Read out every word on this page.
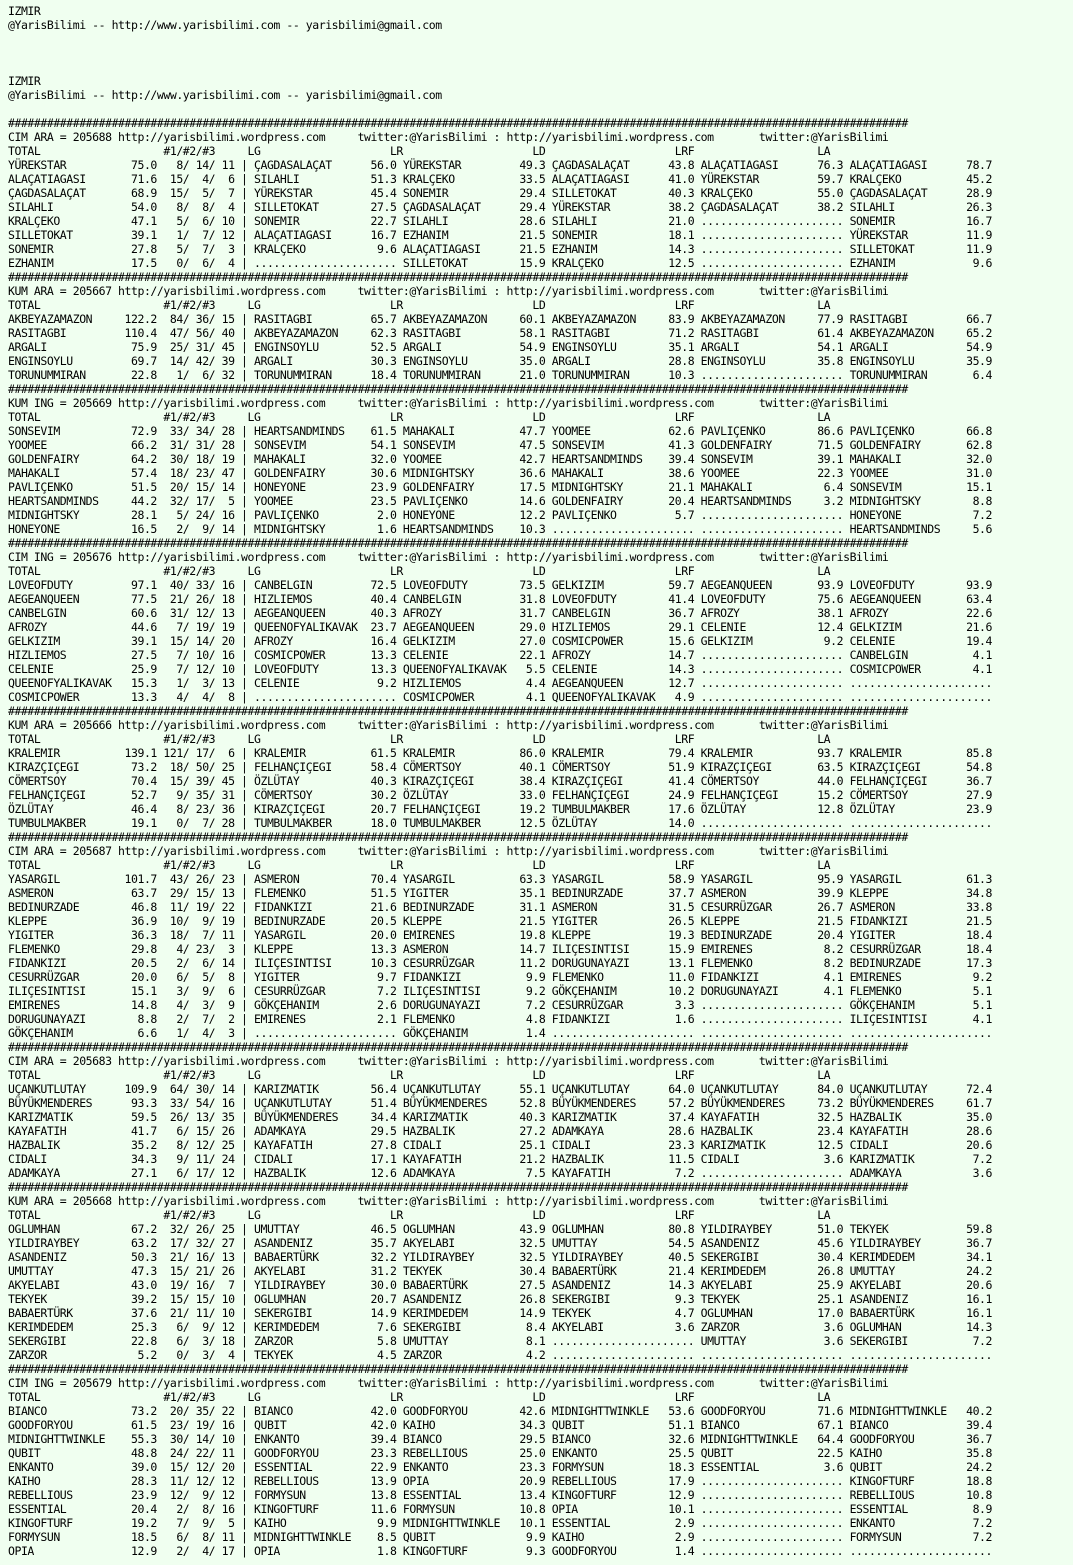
IZMIR
@YarisBilimi -- http://www.yarisbilimi.com -- yarisbilimi@gmail.com
IZMIR
@YarisBilimi -- http://www.yarisbilimi.com -- yarisbilimi@gmail.com
###########################################################################################################################################
CIM ARA = 205688 http://yarisbilimi.wordpress.com     twitter:@YarisBilimi : http://yarisbilimi.wordpress.com       twitter:@YarisBilimi
TOTAL                   #1/#2/#3     LG                    LR                    LD                    LRF                   LA
YÜREKSTAR          75.0   8/ 14/ 11 | ÇAGDASALAÇAT      56.0 YÜREKSTAR         49.3 ÇAGDASALAÇAT      43.8 ALAÇATIAGASI      76.3 ALAÇATIAGASI      78.7
ALAÇATIAGASI       71.6  15/  4/  6 | SILAHLI           51.3 KRALÇEKO          33.5 ALAÇATIAGASI      41.0 YÜREKSTAR         59.7 KRALÇEKO          45.2
ÇAGDASALAÇAT       68.9  15/  5/  7 | YÜREKSTAR         45.4 SONEMIR           29.4 SILLETOKAT        40.3 KRALÇEKO          55.0 ÇAGDASALAÇAT      28.9
SILAHLI            54.0   8/  8/  4 | SILLETOKAT        27.5 ÇAGDASALAÇAT      29.4 YÜREKSTAR         38.2 ÇAGDASALAÇAT      38.2 SILAHLI           26.3
KRALÇEKO           47.1   5/  6/ 10 | SONEMIR           22.7 SILAHLI           28.6 SILAHLI           21.0 ...................... SONEMIR           16.7
SILLETOKAT         39.1   1/  7/ 12 | ALAÇATIAGASI      16.7 EZHANIM           21.5 SONEMIR           18.1 ...................... YÜREKSTAR         11.9
SONEMIR            27.8   5/  7/  3 | KRALÇEKO           9.6 ALAÇATIAGASI      21.5 EZHANIM           14.3 ...................... SILLETOKAT        11.9
EZHANIM            17.5   0/  6/  4 | ...................... SILLETOKAT        15.9 KRALÇEKO          12.5 ...................... EZHANIM            9.6
###########################################################################################################################################
KUM ARA = 205667 http://yarisbilimi.wordpress.com     twitter:@YarisBilimi : http://yarisbilimi.wordpress.com       twitter:@YarisBilimi
TOTAL                   #1/#2/#3     LG                    LR                    LD                    LRF                   LA
AKBEYAZAMAZON     122.2  84/ 36/ 15 | RASITAGBI         65.7 AKBEYAZAMAZON     60.1 AKBEYAZAMAZON     83.9 AKBEYAZAMAZON     77.9 RASITAGBI         66.7
RASITAGBI         110.4  47/ 56/ 40 | AKBEYAZAMAZON     62.3 RASITAGBI         58.1 RASITAGBI         71.2 RASITAGBI         61.4 AKBEYAZAMAZON     65.2
ARGALI             75.9  25/ 31/ 45 | ENGINSOYLU        52.5 ARGALI            54.9 ENGINSOYLU        35.1 ARGALI            54.1 ARGALI            54.9
ENGINSOYLU         69.7  14/ 42/ 39 | ARGALI            30.3 ENGINSOYLU        35.0 ARGALI            28.8 ENGINSOYLU        35.8 ENGINSOYLU        35.9
TORUNUMMIRAN       22.8   1/  6/ 32 | TORUNUMMIRAN      18.4 TORUNUMMIRAN      21.0 TORUNUMMIRAN      10.3 ...................... TORUNUMMIRAN       6.4
###########################################################################################################################################
KUM ING = 205669 http://yarisbilimi.wordpress.com     twitter:@YarisBilimi : http://yarisbilimi.wordpress.com       twitter:@YarisBilimi
TOTAL                   #1/#2/#3     LG                    LR                    LD                    LRF                   LA
SONSEVIM           72.9  33/ 34/ 28 | HEARTSANDMINDS    61.5 MAHAKALI          47.7 YOOMEE            62.6 PAVLIÇENKO        86.6 PAVLIÇENKO        66.8
YOOMEE             66.2  31/ 31/ 28 | SONSEVIM          54.1 SONSEVIM          47.5 SONSEVIM          41.3 GOLDENFAIRY       71.5 GOLDENFAIRY       62.8
GOLDENFAIRY        64.2  30/ 18/ 19 | MAHAKALI          32.0 YOOMEE            42.7 HEARTSANDMINDS    39.4 SONSEVIM          39.1 MAHAKALI          32.0
MAHAKALI           57.4  18/ 23/ 47 | GOLDENFAIRY       30.6 MIDNIGHTSKY       36.6 MAHAKALI          38.6 YOOMEE            22.3 YOOMEE            31.0
PAVLIÇENKO         51.5  20/ 15/ 14 | HONEYONE          23.9 GOLDENFAIRY       17.5 MIDNIGHTSKY       21.1 MAHAKALI           6.4 SONSEVIM          15.1
HEARTSANDMINDS     44.2  32/ 17/  5 | YOOMEE            23.5 PAVLIÇENKO        14.6 GOLDENFAIRY       20.4 HEARTSANDMINDS     3.2 MIDNIGHTSKY        8.8
MIDNIGHTSKY        28.1   5/ 24/ 16 | PAVLIÇENKO         2.0 HONEYONE          12.2 PAVLIÇENKO         5.7 ...................... HONEYONE           7.2
HONEYONE           16.5   2/  9/ 14 | MIDNIGHTSKY        1.6 HEARTSANDMINDS    10.3 ...................... ...................... HEARTSANDMINDS     5.6
###########################################################################################################################################
CIM ING = 205676 http://yarisbilimi.wordpress.com     twitter:@YarisBilimi : http://yarisbilimi.wordpress.com       twitter:@YarisBilimi
TOTAL                   #1/#2/#3     LG                    LR                    LD                    LRF                   LA
LOVEOFDUTY         97.1  40/ 33/ 16 | CANBELGIN         72.5 LOVEOFDUTY        73.5 GELKIZIM          59.7 AEGEANQUEEN       93.9 LOVEOFDUTY        93.9
AEGEANQUEEN        77.5  21/ 26/ 18 | HIZLIEMOS         40.4 CANBELGIN         31.8 LOVEOFDUTY        41.4 LOVEOFDUTY        75.6 AEGEANQUEEN       63.4
CANBELGIN          60.6  31/ 12/ 13 | AEGEANQUEEN       40.3 AFROZY            31.7 CANBELGIN         36.7 AFROZY            38.1 AFROZY            22.6
AFROZY             44.6   7/ 19/ 19 | QUEENOFYALIKAVAK  23.7 AEGEANQUEEN       29.0 HIZLIEMOS         29.1 CELENIE           12.4 GELKIZIM          21.6
GELKIZIM           39.1  15/ 14/ 20 | AFROZY            16.4 GELKIZIM          27.0 COSMICPOWER       15.6 GELKIZIM           9.2 CELENIE           19.4
HIZLIEMOS          27.5   7/ 10/ 16 | COSMICPOWER       13.3 CELENIE           22.1 AFROZY            14.7 ...................... CANBELGIN          4.1
CELENIE            25.9   7/ 12/ 10 | LOVEOFDUTY        13.3 QUEENOFYALIKAVAK   5.5 CELENIE           14.3 ...................... COSMICPOWER        4.1
QUEENOFYALIKAVAK   15.3   1/  3/ 13 | CELENIE            9.2 HIZLIEMOS          4.4 AEGEANQUEEN       12.7 ...................... ......................
COSMICPOWER        13.3   4/  4/  8 | ...................... COSMICPOWER        4.1 QUEENOFYALIKAVAK   4.9 ...................... ......................
###########################################################################################################################################
KUM ARA = 205666 http://yarisbilimi.wordpress.com     twitter:@YarisBilimi : http://yarisbilimi.wordpress.com       twitter:@YarisBilimi
TOTAL                   #1/#2/#3     LG                    LR                    LD                    LRF                   LA
KRALEMIR          139.1 121/ 17/  6 | KRALEMIR          61.5 KRALEMIR          86.0 KRALEMIR          79.4 KRALEMIR          93.7 KRALEMIR          85.8
KIRAZÇIÇEGI        73.2  18/ 50/ 25 | FELHANÇIÇEGI      58.4 CÖMERTSOY         40.1 CÖMERTSOY         51.9 KIRAZÇIÇEGI       63.5 KIRAZÇIÇEGI       54.8
CÖMERTSOY          70.4  15/ 39/ 45 | ÖZLÜTAY           40.3 KIRAZÇIÇEGI       38.4 KIRAZÇIÇEGI       41.4 CÖMERTSOY         44.0 FELHANÇIÇEGI      36.7
FELHANÇIÇEGI       52.7   9/ 35/ 31 | CÖMERTSOY         30.2 ÖZLÜTAY           33.0 FELHANÇIÇEGI      24.9 FELHANÇIÇEGI      15.2 CÖMERTSOY         27.9
ÖZLÜTAY            46.4   8/ 23/ 36 | KIRAZÇIÇEGI       20.7 FELHANÇIÇEGI      19.2 TUMBULMAKBER      17.6 ÖZLÜTAY           12.8 ÖZLÜTAY           23.9
TUMBULMAKBER       19.1   0/  7/ 28 | TUMBULMAKBER      18.0 TUMBULMAKBER      12.5 ÖZLÜTAY           14.0 ...................... ......................
###########################################################################################################################################
CIM ARA = 205687 http://yarisbilimi.wordpress.com     twitter:@YarisBilimi : http://yarisbilimi.wordpress.com       twitter:@YarisBilimi
TOTAL                   #1/#2/#3     LG                    LR                    LD                    LRF                   LA
YASARGIL          101.7  43/ 26/ 23 | ASMERON           70.4 YASARGIL          63.3 YASARGIL          58.9 YASARGIL          95.9 YASARGIL          61.3
ASMERON            63.7  29/ 15/ 13 | FLEMENKO          51.5 YIGITER           35.1 BEDINURZADE       37.7 ASMERON           39.9 KLEPPE            34.8
BEDINURZADE        46.8  11/ 19/ 22 | FIDANKIZI         21.6 BEDINURZADE       31.1 ASMERON           31.5 CESURRÜZGAR       26.7 ASMERON           33.8
KLEPPE             36.9  10/  9/ 19 | BEDINURZADE       20.5 KLEPPE            21.5 YIGITER           26.5 KLEPPE            21.5 FIDANKIZI         21.5
YIGITER            36.3  18/  7/ 11 | YASARGIL          20.0 EMIRENES          19.8 KLEPPE            19.3 BEDINURZADE       20.4 YIGITER           18.4
FLEMENKO           29.8   4/ 23/  3 | KLEPPE            13.3 ASMERON           14.7 ILIÇESINTISI      15.9 EMIRENES           8.2 CESURRÜZGAR       18.4
FIDANKIZI          20.5   2/  6/ 14 | ILIÇESINTISI      10.3 CESURRÜZGAR       11.2 DORUGUNAYAZI      13.1 FLEMENKO           8.2 BEDINURZADE       17.3
CESURRÜZGAR        20.0   6/  5/  8 | YIGITER            9.7 FIDANKIZI          9.9 FLEMENKO          11.0 FIDANKIZI          4.1 EMIRENES           9.2
ILIÇESINTISI       15.1   3/  9/  6 | CESURRÜZGAR        7.2 ILIÇESINTISI       9.2 GÖKÇEHANIM        10.2 DORUGUNAYAZI       4.1 FLEMENKO           5.1
EMIRENES           14.8   4/  3/  9 | GÖKÇEHANIM         2.6 DORUGUNAYAZI       7.2 CESURRÜZGAR        3.3 ...................... GÖKÇEHANIM         5.1
DORUGUNAYAZI        8.8   2/  7/  2 | EMIRENES           2.1 FLEMENKO           4.8 FIDANKIZI          1.6 ...................... ILIÇESINTISI       4.1
GÖKÇEHANIM          6.6   1/  4/  3 | ...................... GÖKÇEHANIM         1.4 ...................... ...................... ......................
###########################################################################################################################################
CIM ARA = 205683 http://yarisbilimi.wordpress.com     twitter:@YarisBilimi : http://yarisbilimi.wordpress.com       twitter:@YarisBilimi
TOTAL                   #1/#2/#3     LG                    LR                    LD                    LRF                   LA
UÇANKUTLUTAY      109.9  64/ 30/ 14 | KARIZMATIK        56.4 UÇANKUTLUTAY      55.1 UÇANKUTLUTAY      64.0 UÇANKUTLUTAY      84.0 UÇANKUTLUTAY      72.4
BÜYÜKMENDERES      93.3  33/ 54/ 16 | UÇANKUTLUTAY      51.4 BÜYÜKMENDERES     52.8 BÜYÜKMENDERES     57.2 BÜYÜKMENDERES     73.2 BÜYÜKMENDERES     61.7
KARIZMATIK         59.5  26/ 13/ 35 | BÜYÜKMENDERES     34.4 KARIZMATIK        40.3 KARIZMATIK        37.4 KAYAFATIH         32.5 HAZBALIK          35.0
KAYAFATIH          41.7   6/ 15/ 26 | ADAMKAYA          29.5 HAZBALIK          27.2 ADAMKAYA          28.6 HAZBALIK          23.4 KAYAFATIH         28.6
HAZBALIK           35.2   8/ 12/ 25 | KAYAFATIH         27.8 CIDALI            25.1 CIDALI            23.3 KARIZMATIK        12.5 CIDALI            20.6
CIDALI             34.3   9/ 11/ 24 | CIDALI            17.1 KAYAFATIH         21.2 HAZBALIK          11.5 CIDALI             3.6 KARIZMATIK         7.2
ADAMKAYA           27.1   6/ 17/ 12 | HAZBALIK          12.6 ADAMKAYA           7.5 KAYAFATIH          7.2 ...................... ADAMKAYA           3.6
###########################################################################################################################################
KUM ARA = 205668 http://yarisbilimi.wordpress.com     twitter:@YarisBilimi : http://yarisbilimi.wordpress.com       twitter:@YarisBilimi
TOTAL                   #1/#2/#3     LG                    LR                    LD                    LRF                   LA
OGLUMHAN           67.2  32/ 26/ 25 | UMUTTAY           46.5 OGLUMHAN          43.9 OGLUMHAN          80.8 YILDIRAYBEY       51.0 TEKYEK            59.8
YILDIRAYBEY        63.2  17/ 32/ 27 | ASANDENIZ         35.7 AKYELABI          32.5 UMUTTAY           54.5 ASANDENIZ         45.6 YILDIRAYBEY       36.7
ASANDENIZ          50.3  21/ 16/ 13 | BABAERTÜRK        32.2 YILDIRAYBEY       32.5 YILDIRAYBEY       40.5 SEKERGIBI         30.4 KERIMDEDEM        34.1
UMUTTAY            47.3  15/ 21/ 26 | AKYELABI          31.2 TEKYEK            30.4 BABAERTÜRK        21.4 KERIMDEDEM        26.8 UMUTTAY           24.2
AKYELABI           43.0  19/ 16/  7 | YILDIRAYBEY       30.0 BABAERTÜRK        27.5 ASANDENIZ         14.3 AKYELABI          25.9 AKYELABI          20.6
TEKYEK             39.2  15/ 15/ 10 | OGLUMHAN          20.7 ASANDENIZ         26.8 SEKERGIBI          9.3 TEKYEK            25.1 ASANDENIZ         16.1
BABAERTÜRK         37.6  21/ 11/ 10 | SEKERGIBI         14.9 KERIMDEDEM        14.9 TEKYEK             4.7 OGLUMHAN          17.0 BABAERTÜRK        16.1
KERIMDEDEM         25.3   6/  9/ 12 | KERIMDEDEM         7.6 SEKERGIBI          8.4 AKYELABI           3.6 ZARZOR             3.6 OGLUMHAN          14.3
SEKERGIBI          22.8   6/  3/ 18 | ZARZOR             5.8 UMUTTAY            8.1 ...................... UMUTTAY            3.6 SEKERGIBI          7.2
ZARZOR              5.2   0/  3/  4 | TEKYEK             4.5 ZARZOR             4.2 ...................... ...................... ......................
###########################################################################################################################################
CIM ING = 205679 http://yarisbilimi.wordpress.com     twitter:@YarisBilimi : http://yarisbilimi.wordpress.com       twitter:@YarisBilimi
TOTAL                   #1/#2/#3     LG                    LR                    LD                    LRF                   LA
BIANCO             73.2  20/ 35/ 22 | BIANCO            42.0 GOODFORYOU        42.6 MIDNIGHTTWINKLE   53.6 GOODFORYOU        71.6 MIDNIGHTTWINKLE   40.2
GOODFORYOU         61.5  23/ 19/ 16 | QUBIT             42.0 KAIHO             34.3 QUBIT             51.1 BIANCO            67.1 BIANCO            39.4
MIDNIGHTTWINKLE    55.3  30/ 14/ 10 | ENKANTO           39.4 BIANCO            29.5 BIANCO            32.6 MIDNIGHTTWINKLE   64.4 GOODFORYOU        36.7
QUBIT              48.8  24/ 22/ 11 | GOODFORYOU        23.3 REBELLIOUS        25.0 ENKANTO           25.5 QUBIT             22.5 KAIHO             35.8
ENKANTO            39.0  15/ 12/ 20 | ESSENTIAL         22.9 ENKANTO           23.3 FORMYSUN          18.3 ESSENTIAL          3.6 QUBIT             24.2
KAIHO              28.3  11/ 12/ 12 | REBELLIOUS        13.9 OPIA              20.9 REBELLIOUS        17.9 ...................... KINGOFTURF        18.8
REBELLIOUS         23.9  12/  9/ 12 | FORMYSUN          13.8 ESSENTIAL         13.4 KINGOFTURF        12.9 ...................... REBELLIOUS        10.8
ESSENTIAL          20.4   2/  8/ 16 | KINGOFTURF        11.6 FORMYSUN          10.8 OPIA              10.1 ...................... ESSENTIAL          8.9
KINGOFTURF         19.2   7/  9/  5 | KAIHO              9.9 MIDNIGHTTWINKLE   10.1 ESSENTIAL          2.9 ...................... ENKANTO            7.2
FORMYSUN           18.5   6/  8/ 11 | MIDNIGHTTWINKLE    8.5 QUBIT              9.9 KAIHO              2.9 ...................... FORMYSUN           7.2
OPIA               12.9   2/  4/ 17 | OPIA               1.8 KINGOFTURF         9.3 GOODFORYOU         1.4 ...................... ......................
